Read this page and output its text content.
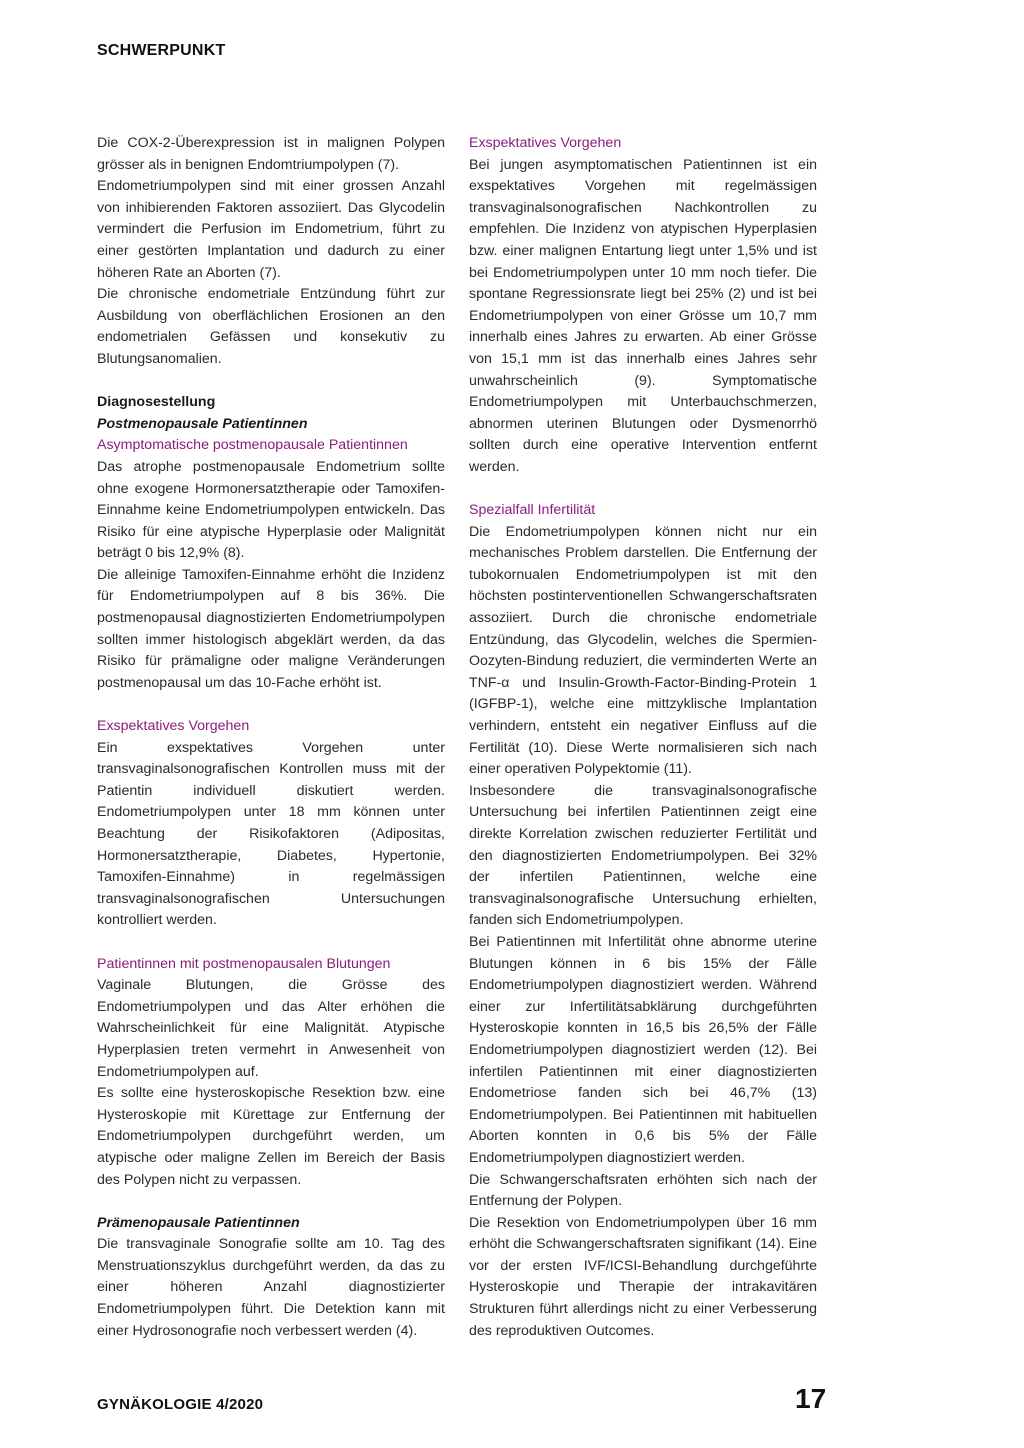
SCHWERPUNKT

Die COX-2-Überexpression ist in malignen Polypen grösser als in benignen Endomtriumpolypen (7).

Endometriumpolypen sind mit einer grossen Anzahl von inhibierenden Faktoren assoziiert. Das Glycodelin vermindert die Perfusion im Endometrium, führt zu einer gestörten Implantation und dadurch zu einer höheren Rate an Aborten (7).

Die chronische endometriale Entzündung führt zur Ausbildung von oberflächlichen Erosionen an den endometrialen Gefässen und konsekutiv zu Blutungsanomalien.

Diagnosestellung

Postmenopausale Patientinnen

Asymptomatische postmenopausale Patientinnen

Das atrophe postmenopausale Endometrium sollte ohne exogene Hormonersatztherapie oder Tamoxifen-Einnahme keine Endometriumpolypen entwickeln. Das Risiko für eine atypische Hyperplasie oder Malignität beträgt 0 bis 12,9% (8).

Die alleinige Tamoxifen-Einnahme erhöht die Inzidenz für Endometriumpolypen auf 8 bis 36%. Die postmenopausal diagnostizierten Endometriumpolypen sollten immer histologisch abgeklärt werden, da das Risiko für prämaligne oder maligne Veränderungen postmenopausal um das 10-Fache erhöht ist.

Exspektatives Vorgehen

Ein exspektatives Vorgehen unter transvaginalsonografischen Kontrollen muss mit der Patientin individuell diskutiert werden. Endometriumpolypen unter 18 mm können unter Beachtung der Risikofaktoren (Adipositas, Hormonersatztherapie, Diabetes, Hypertonie, Tamoxifen-Einnahme) in regelmässigen transvaginalsonografischen Untersuchungen kontrolliert werden.

Patientinnen mit postmenopausalen Blutungen

Vaginale Blutungen, die Grösse des Endometriumpolypen und das Alter erhöhen die Wahrscheinlichkeit für eine Malignität. Atypische Hyperplasien treten vermehrt in Anwesenheit von Endometriumpolypen auf.

Es sollte eine hysteroskopische Resektion bzw. eine Hysteroskopie mit Kürettage zur Entfernung der Endometriumpolypen durchgeführt werden, um atypische oder maligne Zellen im Bereich der Basis des Polypen nicht zu verpassen.

Prämenopausale Patientinnen

Die transvaginale Sonografie sollte am 10. Tag des Menstruationszyklus durchgeführt werden, da das zu einer höheren Anzahl diagnostizierter Endometriumpolypen führt. Die Detektion kann mit einer Hydrosonografie noch verbessert werden (4).

Exspektatives Vorgehen

Bei jungen asymptomatischen Patientinnen ist ein exspektatives Vorgehen mit regelmässigen transvaginalsonografischen Nachkontrollen zu empfehlen. Die Inzidenz von atypischen Hyperplasien bzw. einer malignen Entartung liegt unter 1,5% und ist bei Endometriumpolypen unter 10 mm noch tiefer. Die spontane Regressionsrate liegt bei 25% (2) und ist bei Endometriumpolypen von einer Grösse um 10,7 mm innerhalb eines Jahres zu erwarten. Ab einer Grösse von 15,1 mm ist das innerhalb eines Jahres sehr unwahrscheinlich (9). Symptomatische Endometriumpolypen mit Unterbauchschmerzen, abnormen uterinen Blutungen oder Dysmenorrhö sollten durch eine operative Intervention entfernt werden.

Spezialfall Infertilität

Die Endometriumpolypen können nicht nur ein mechanisches Problem darstellen. Die Entfernung der tubokornualen Endometriumpolypen ist mit den höchsten postinterventionellen Schwangerschaftsraten assoziiert. Durch die chronische endometriale Entzündung, das Glycodelin, welches die Spermien-Oozyten-Bindung reduziert, die verminderten Werte an TNF-α und Insulin-Growth-Factor-Binding-Protein 1 (IGFBP-1), welche eine mittzyklische Implantation verhindern, entsteht ein negativer Einfluss auf die Fertilität (10). Diese Werte normalisieren sich nach einer operativen Polypektomie (11).

Insbesondere die transvaginalsonografische Untersuchung bei infertilen Patientinnen zeigt eine direkte Korrelation zwischen reduzierter Fertilität und den diagnostizierten Endometriumpolypen. Bei 32% der infertilen Patientinnen, welche eine transvaginalsonografische Untersuchung erhielten, fanden sich Endometriumpolypen.

Bei Patientinnen mit Infertilität ohne abnorme uterine Blutungen können in 6 bis 15% der Fälle Endometriumpolypen diagnostiziert werden. Während einer zur Infertilitätsabklärung durchgeführten Hysteroskopie konnten in 16,5 bis 26,5% der Fälle Endometriumpolypen diagnostiziert werden (12). Bei infertilen Patientinnen mit einer diagnostizierten Endometriose fanden sich bei 46,7% (13) Endometriumpolypen. Bei Patientinnen mit habituellen Aborten konnten in 0,6 bis 5% der Fälle Endometriumpolypen diagnostiziert werden.

Die Schwangerschaftsraten erhöhten sich nach der Entfernung der Polypen.

Die Resektion von Endometriumpolypen über 16 mm erhöht die Schwangerschaftsraten signifikant (14). Eine vor der ersten IVF/ICSI-Behandlung durchgeführte Hysteroskopie und Therapie der intrakavitären Strukturen führt allerdings nicht zu einer Verbesserung des reproduktiven Outcomes.

GYNÄKOLOGIE 4/2020	17
